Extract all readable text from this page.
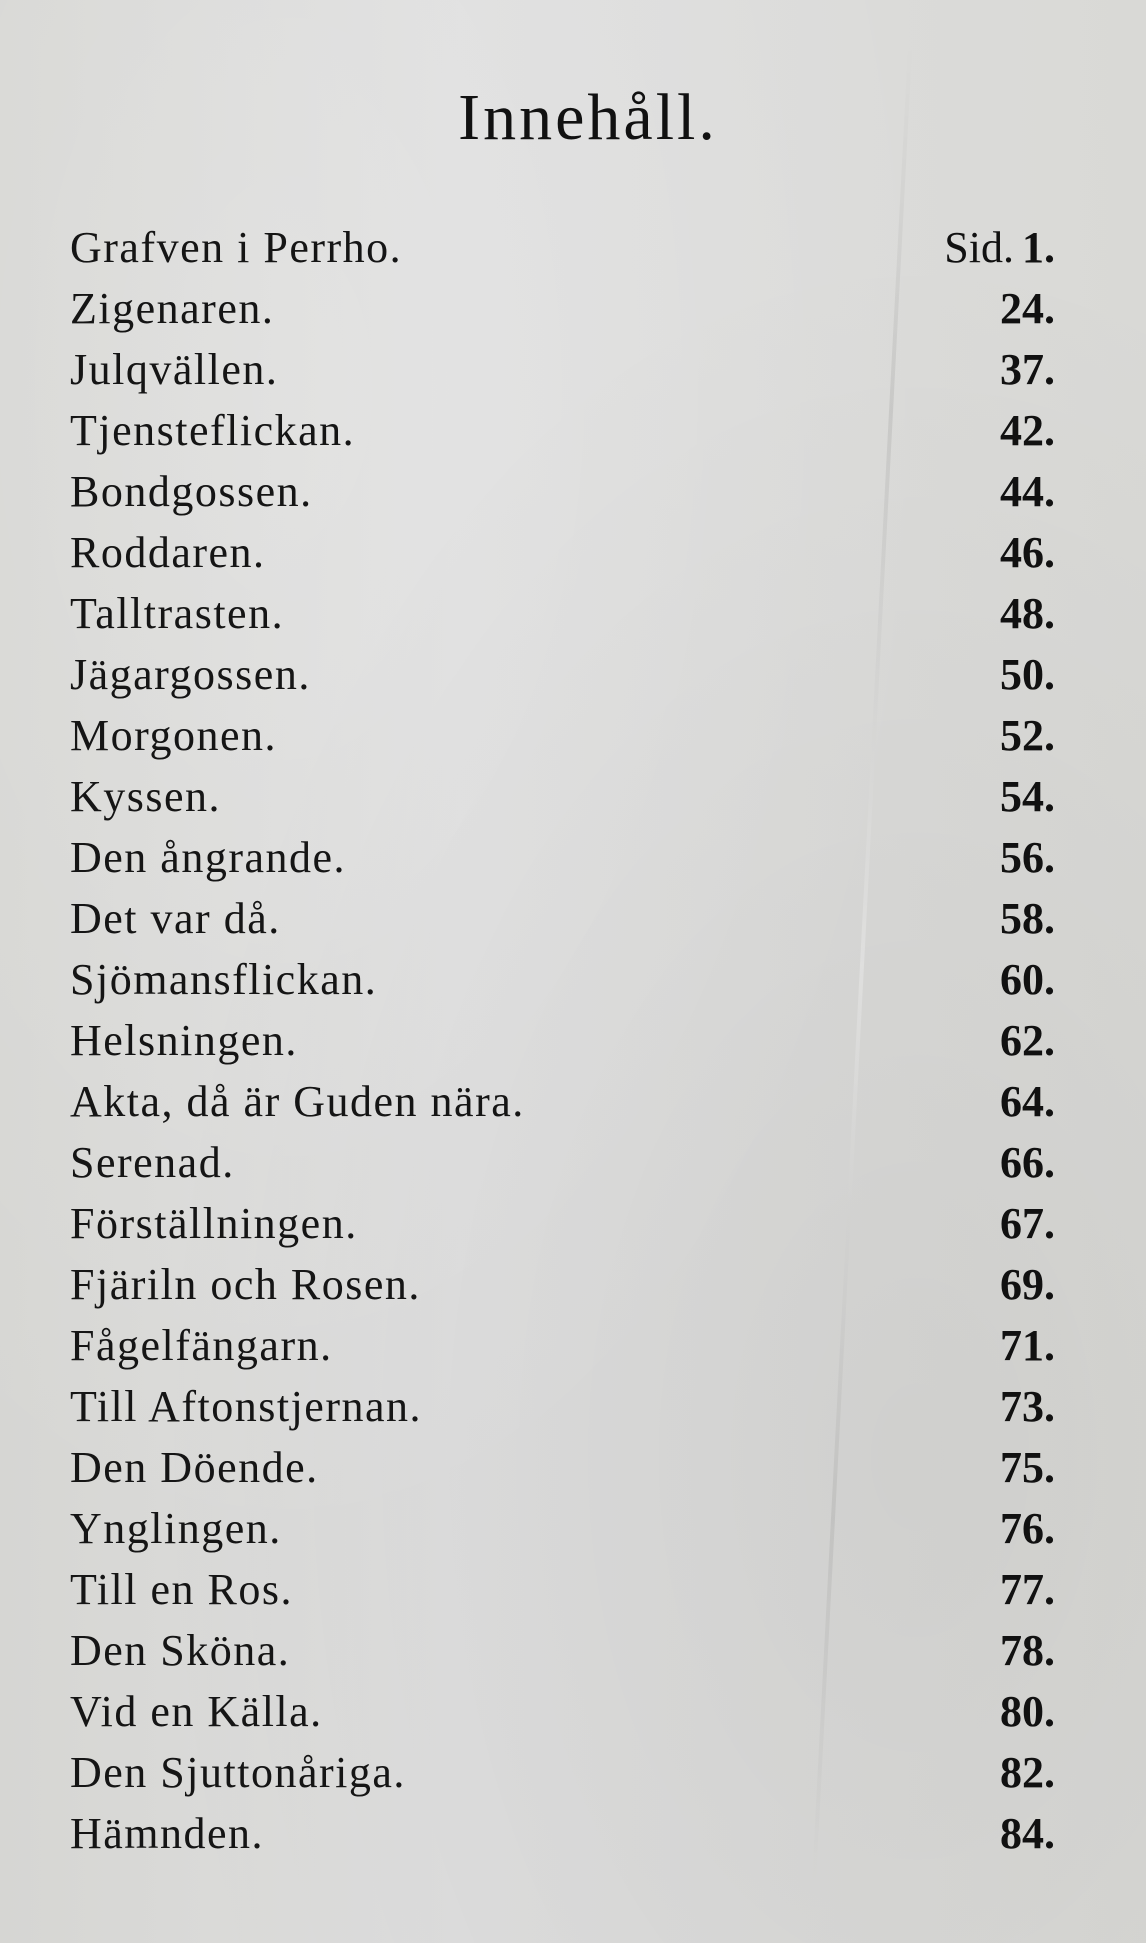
Innehåll.
Grafven i Perrho.	Sid. 1.
Zigenaren.	24.
Julqvällen.	37.
Tjensteflickan.	42.
Bondgossen.	44.
Roddaren.	46.
Talltrasten.	48.
Jägargossen.	50.
Morgonen.	52.
Kyssen.	54.
Den ångrande.	56.
Det var då.	58.
Sjömansflickan.	60.
Helsningen.	62.
Akta, då är Guden nära.	64.
Serenad.	66.
Förställningen.	67.
Fjäriln och Rosen.	69.
Fågelfängarn.	71.
Till Aftonstjernan.	73.
Den Döende.	75.
Ynglingen.	76.
Till en Ros.	77.
Den Sköna.	78.
Vid en Källa.	80.
Den Sjuttonåriga.	82.
Hämnden.	84.
